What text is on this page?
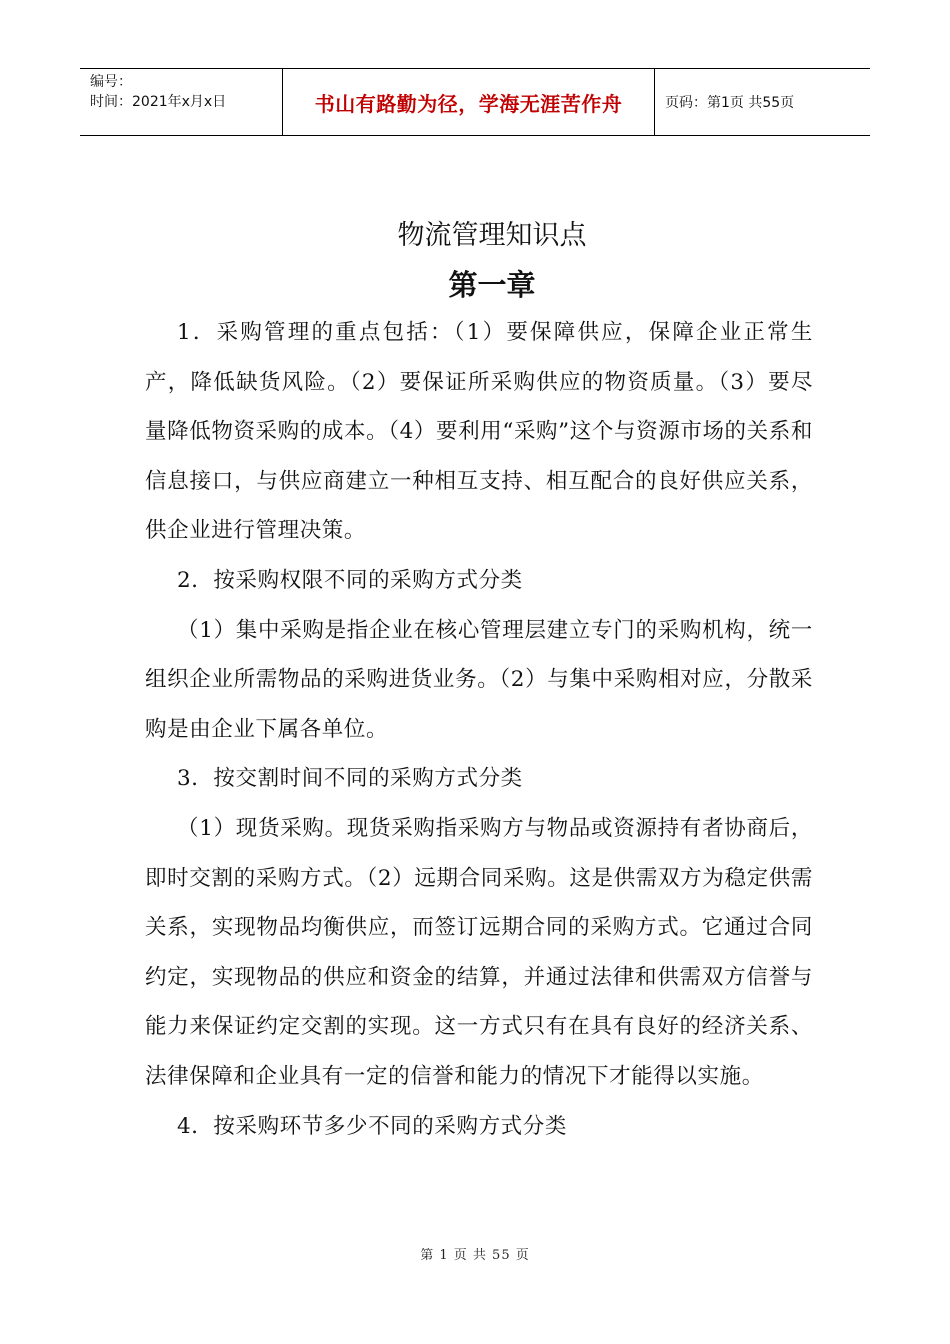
编号：
时间：2021年x月x日	书山有路勤为径，学海无涯苦作舟	页码：第1页 共55页
物流管理知识点
第一章

1．采购管理的重点包括：（1）要保障供应，保障企业正常生产，降低缺货风险。（2）要保证所采购供应的物资质量。（3）要尽量降低物资采购的成本。（4）要利用“采购”这个与资源市场的关系和信息接口，与供应商建立一种相互支持、相互配合的良好供应关系，供企业进行管理决策。

2．按采购权限不同的采购方式分类

（1）集中采购是指企业在核心管理层建立专门的采购机构，统一组织企业所需物品的采购进货业务。（2）与集中采购相对应，分散采购是由企业下属各单位。

3．按交割时间不同的采购方式分类

（1）现货采购。现货采购指采购方与物品或资源持有者协商后，即时交割的采购方式。（2）远期合同采购。这是供需双方为稳定供需关系，实现物品均衡供应，而签订远期合同的采购方式。它通过合同约定，实现物品的供应和资金的结算，并通过法律和供需双方信誉与能力来保证约定交割的实现。这一方式只有在具有良好的经济关系、法律保障和企业具有一定的信誉和能力的情况下才能得以实施。

4．按采购环节多少不同的采购方式分类

第 1 页 共 55 页
